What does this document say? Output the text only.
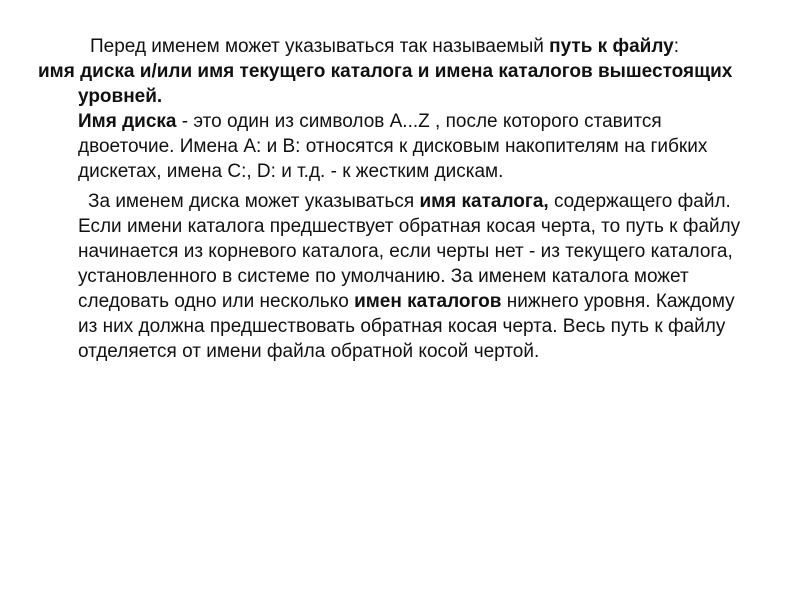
Перед именем может указываться так называемый путь к файлу:

имя диска и/или имя текущего каталога и имена каталогов вышестоящих уровней.
Имя диска - это один из символов A...Z , после которого ставится двоеточие. Имена A: и B: относятся к дисковым накопителям на гибких дискетах, имена С:, D: и т.д. - к жестким дискам.

За именем диска может указываться имя каталога, содержащего файл. Если имени каталога предшествует обратная косая черта, то путь к файлу начинается из корневого каталога, если черты нет - из текущего каталога, установленного в системе по умолчанию. За именем каталога может следовать одно или несколько имен каталогов нижнего уровня. Каждому из них должна предшествовать обратная косая черта. Весь путь к файлу отделяется от имени файла обратной косой чертой.
